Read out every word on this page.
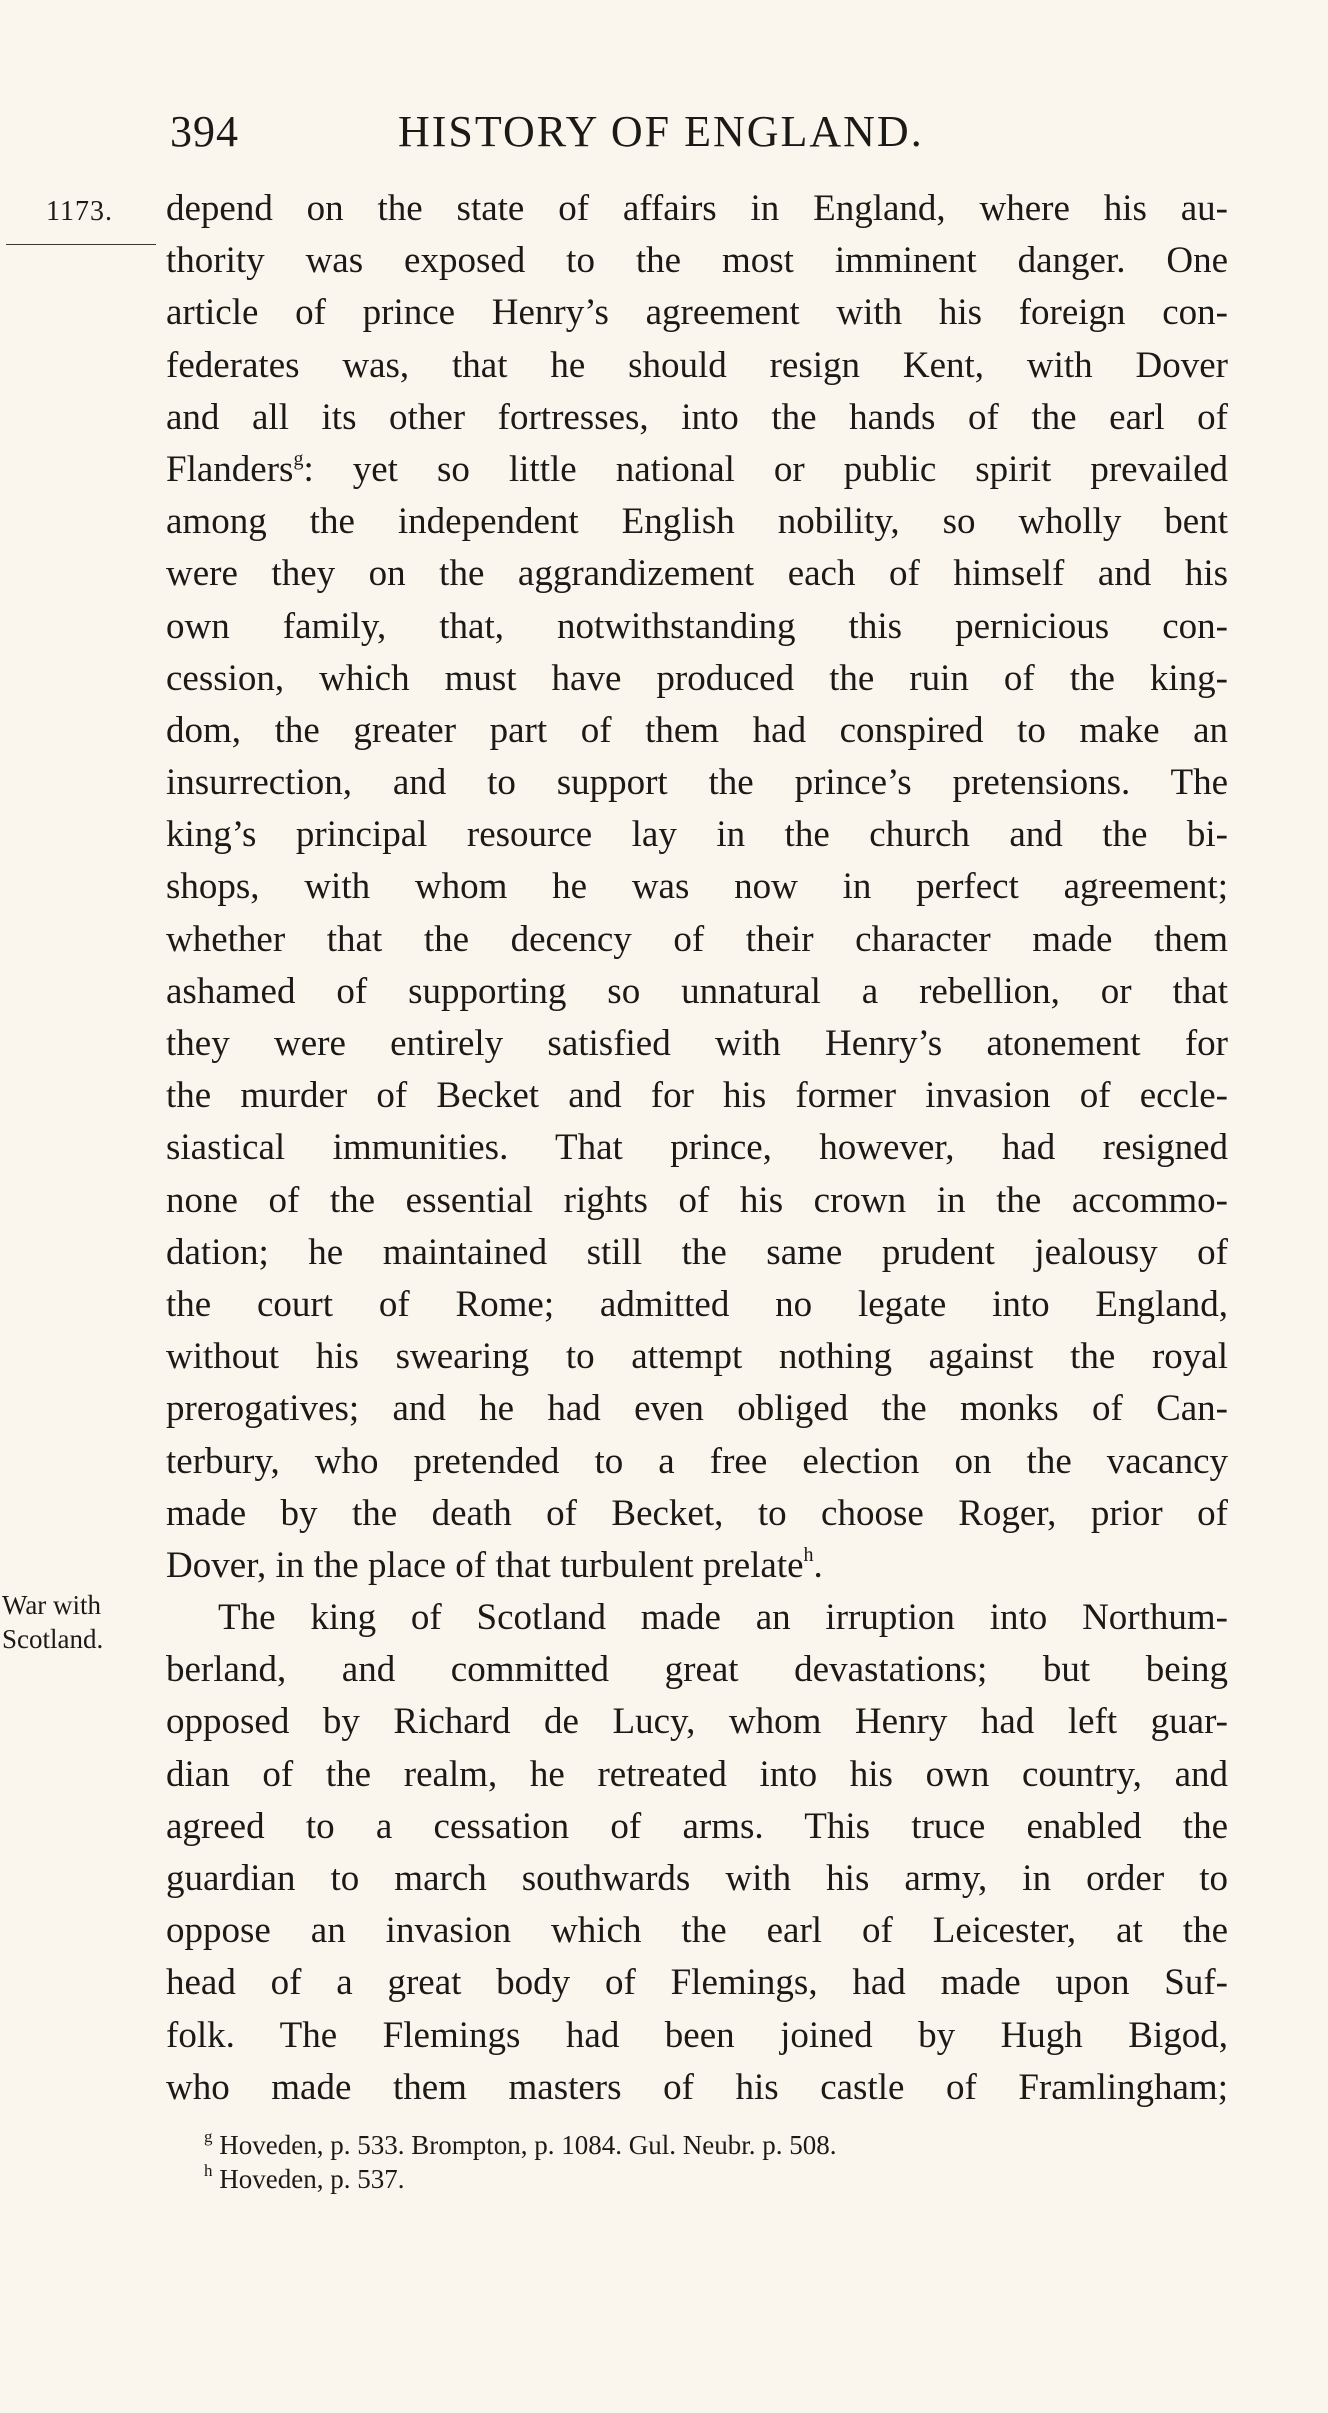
394	HISTORY OF ENGLAND.
1173.
War with
Scotland.
depend on the state of affairs in England, where his au-
thority was exposed to the most imminent danger. One
article of prince Henry’s agreement with his foreign con-
federates was, that he should resign Kent, with Dover
and all its other fortresses, into the hands of the earl of
Flanders$^g$: yet so little national or public spirit prevailed
among the independent English nobility, so wholly bent
were they on the aggrandizement each of himself and his
own family, that, notwithstanding this pernicious con-
cession, which must have produced the ruin of the king-
dom, the greater part of them had conspired to make an
insurrection, and to support the prince’s pretensions. The
king’s principal resource lay in the church and the bi-
shops, with whom he was now in perfect agreement;
whether that the decency of their character made them
ashamed of supporting so unnatural a rebellion, or that
they were entirely satisfied with Henry’s atonement for
the murder of Becket and for his former invasion of eccle-
siastical immunities. That prince, however, had resigned
none of the essential rights of his crown in the accommo-
dation; he maintained still the same prudent jealousy of
the court of Rome; admitted no legate into England,
without his swearing to attempt nothing against the royal
prerogatives; and he had even obliged the monks of Can-
terbury, who pretended to a free election on the vacancy
made by the death of Becket, to choose Roger, prior of
Dover, in the place of that turbulent prelate$^h$.
The king of Scotland made an irruption into Northum-
berland, and committed great devastations; but being
opposed by Richard de Lucy, whom Henry had left guar-
dian of the realm, he retreated into his own country, and
agreed to a cessation of arms. This truce enabled the
guardian to march southwards with his army, in order to
oppose an invasion which the earl of Leicester, at the
head of a great body of Flemings, had made upon Suf-
folk. The Flemings had been joined by Hugh Bigod,
who made them masters of his castle of Framlingham;
$^g$ Hoveden, p. 533. Brompton, p. 1084. Gul. Neubr. p. 508.
$^h$ Hoveden, p. 537.
